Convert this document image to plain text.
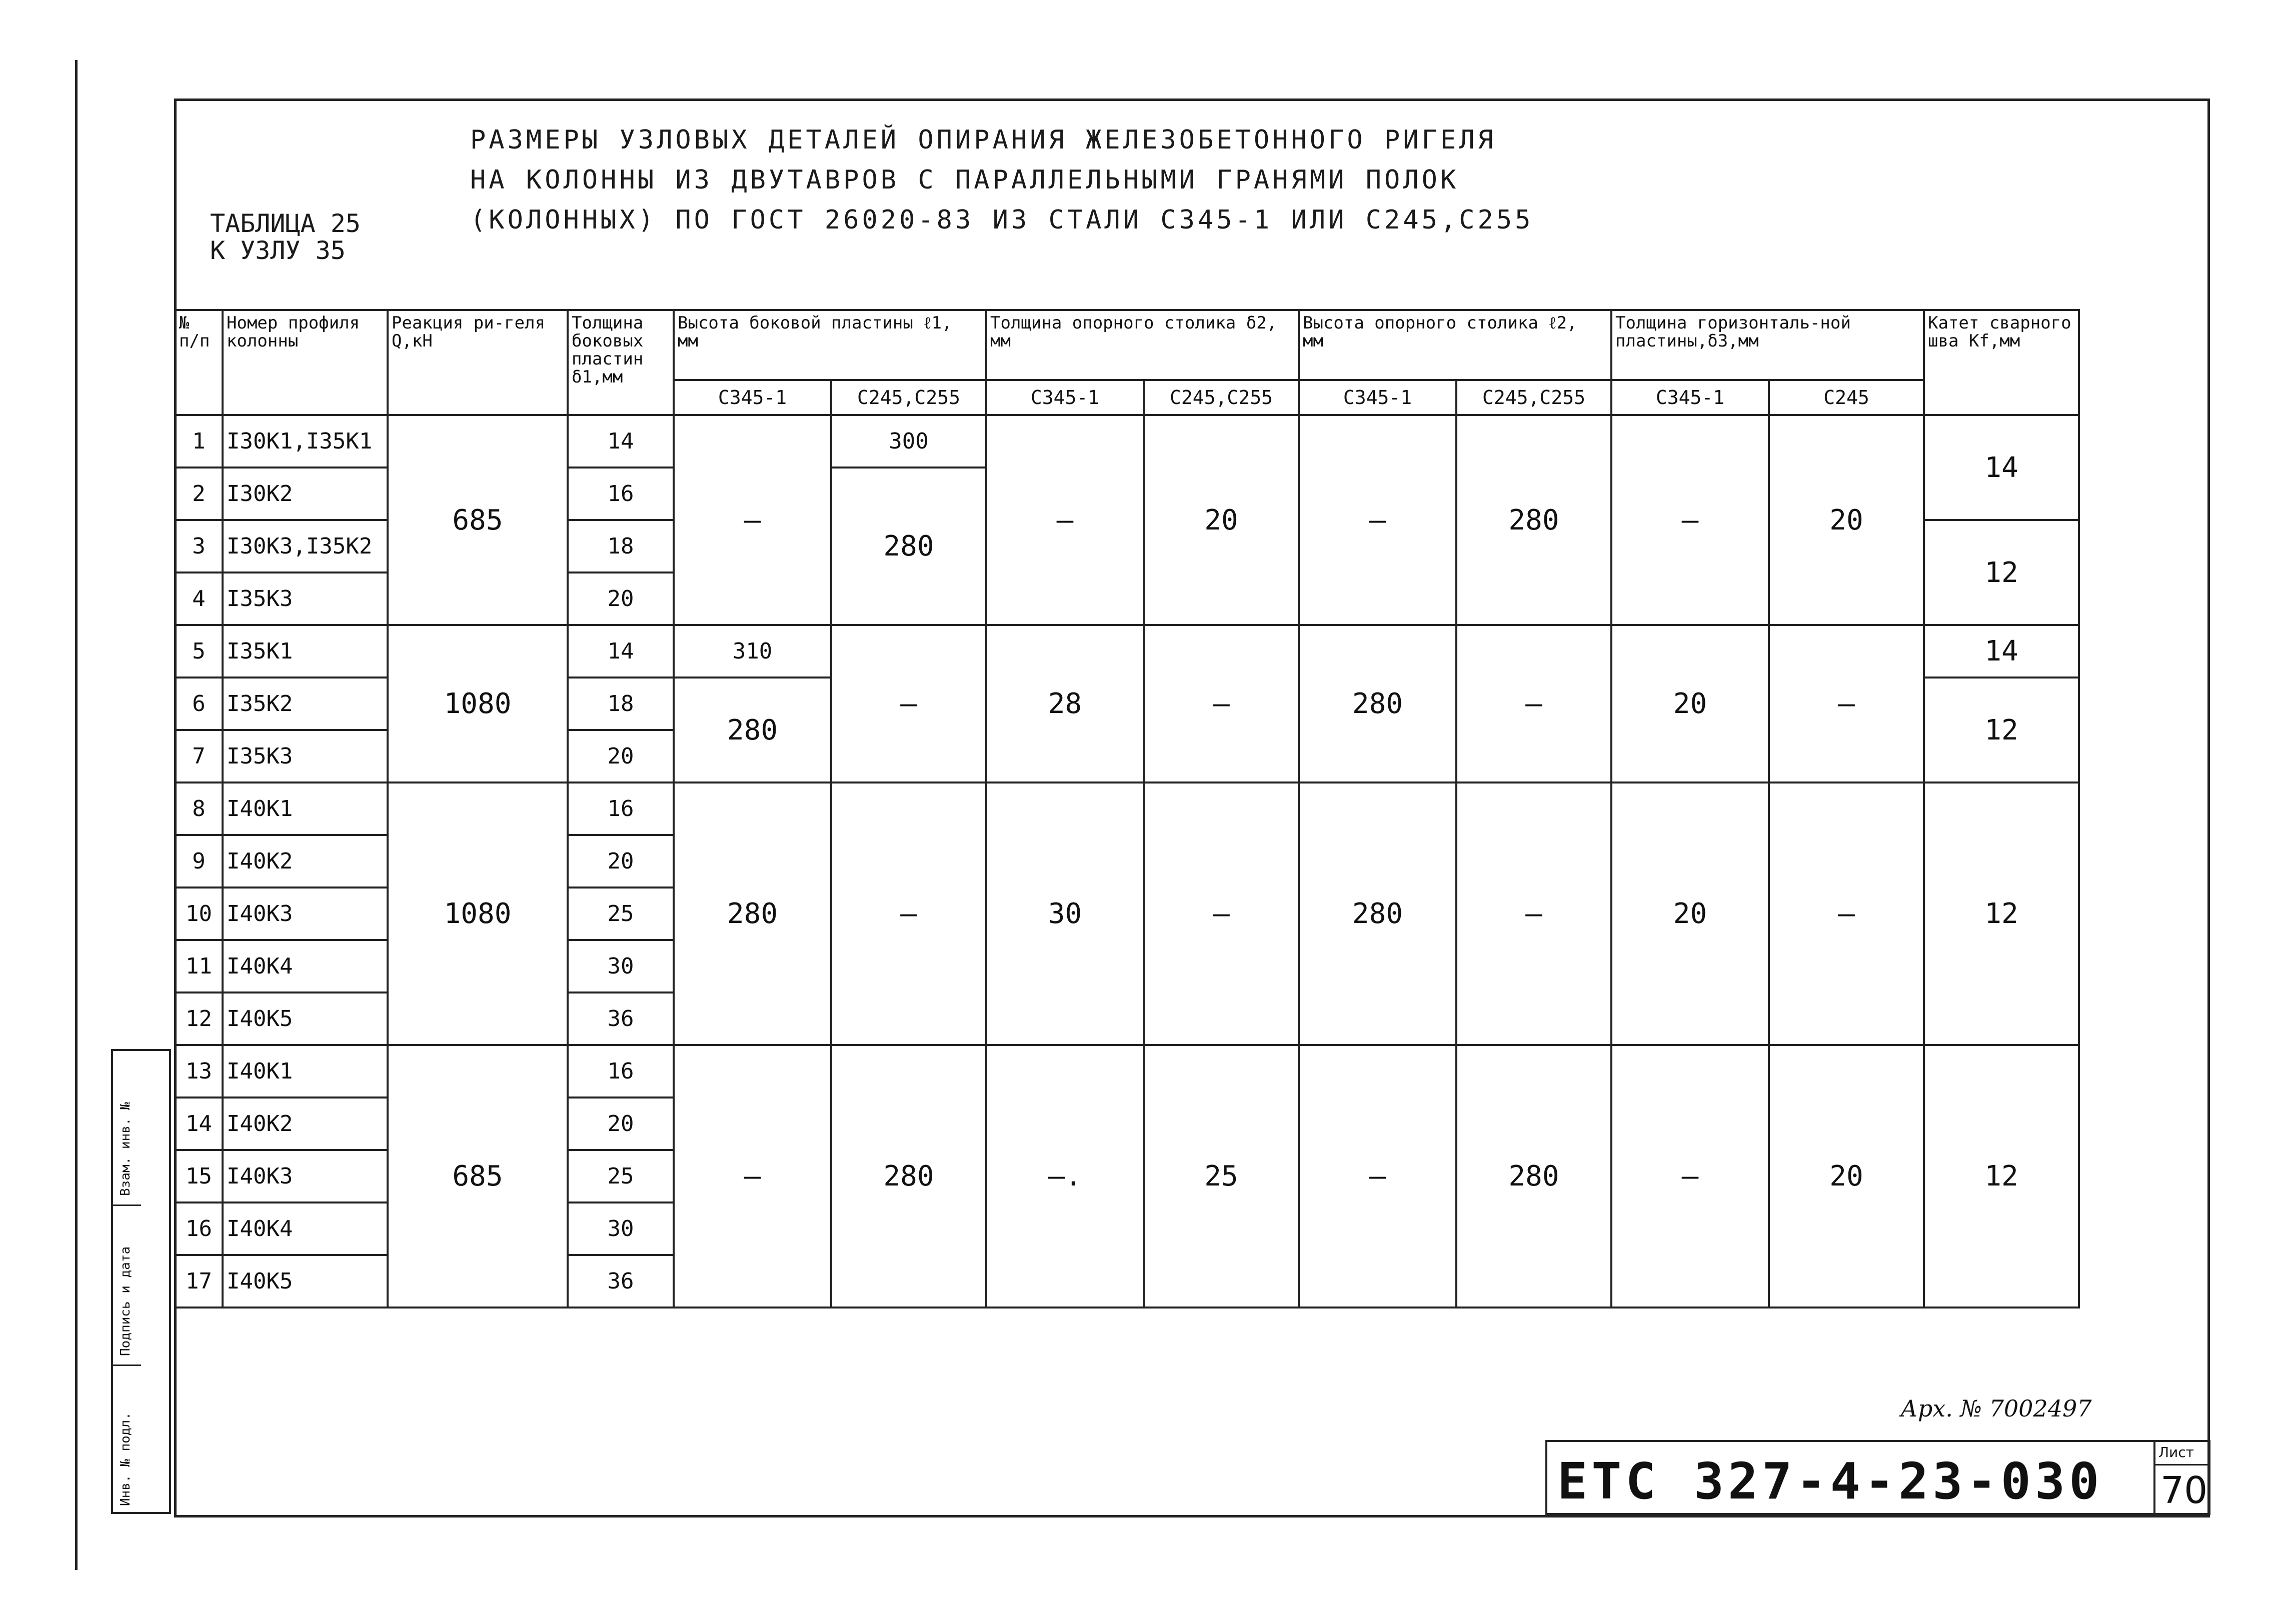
РАЗМЕРЫ УЗЛОВЫХ ДЕТАЛЕЙ ОПИРАНИЯ ЖЕЛЕЗОБЕТОННОГО РИГЕЛЯ
НА КОЛОННЫ ИЗ ДВУТАВРОВ С ПАРАЛЛЕЛЬНЫМИ ГРАНЯМИ ПОЛОК
(КОЛОННЫХ) ПО ГОСТ 26020-83 ИЗ СТАЛИ С345-1 ИЛИ С245,С255
ТАБЛИЦА 25
К УЗЛУ 35
№ п/п	Номер профиля колонны	Реакция ри-геля Q,кН	Толщина боковых пластин δ1,мм	Высота боковой пластины ℓ1, мм		Толщина опорного столика δ2, мм		Высота опорного столика ℓ2, мм		Толщина горизонталь-ной пластины,δ3,мм		Катет сварного шва Kf,мм
				С345-1	С245,С255	С345-1	С245,С255	С345-1	С245,С255	С345-1	С245	
1	I30К1,I35К1	685	14	—	300	—	20	—	280	—	20	14
2	I30К2		16		280							
3	I30К3,I35К2		18									12
4	I35К3		20									
5	I35К1	1080	14	310	—	28	—	280	—	20	—	14
6	I35К2		18	280								12
7	I35К3		20									
8	I40К1	1080	16	280	—	30	—	280	—	20	—	12
9	I40К2		20									
10	I40К3		25									
11	I40К4		30									
12	I40К5		36									
13	I40К1	685	16	—	280	—.	25	—	280	—	20	12
14	I40К2		20									
15	I40К3		25									
16	I40К4		30									
17	I40К5		36									
Взам. инв. №
Подпись и дата
Инв. № подл.
Арх. № 7002497
ЕТС 327-4-23-030	Лист
70
